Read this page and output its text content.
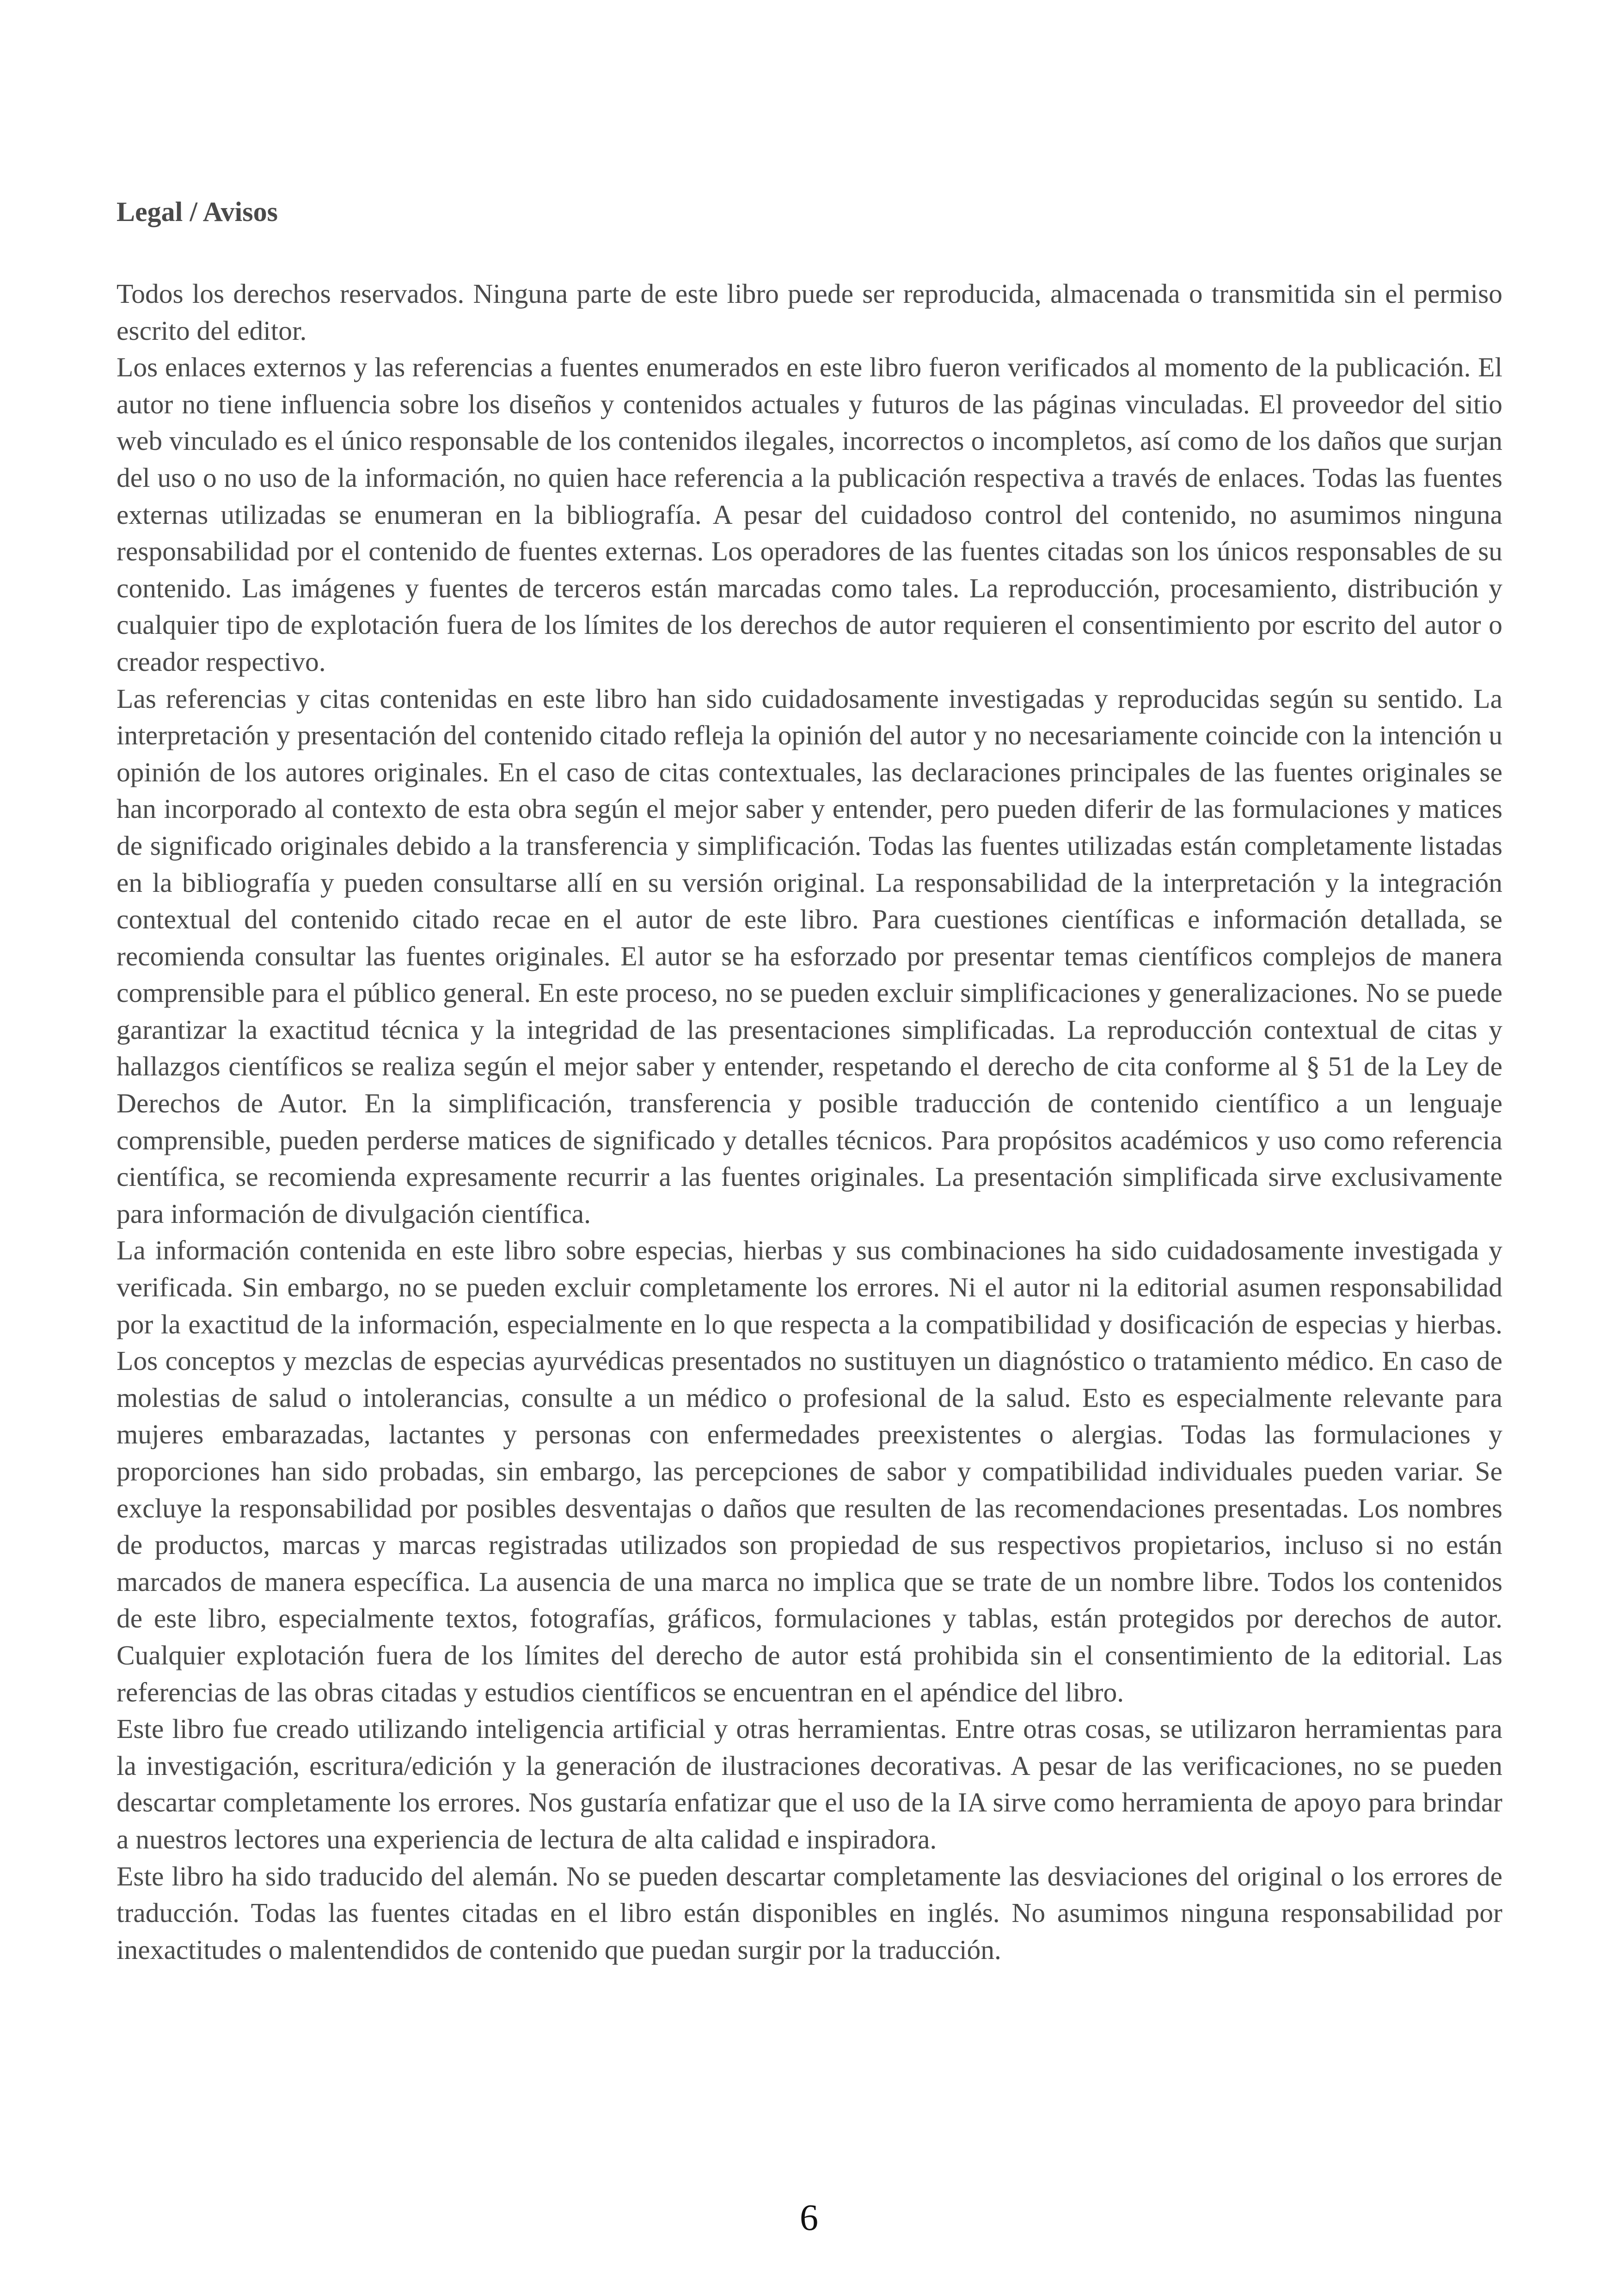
Legal / Avisos

Todos los derechos reservados. Ninguna parte de este libro puede ser reproducida, almacenada o transmitida sin el permiso escrito del editor.

Los enlaces externos y las referencias a fuentes enumerados en este libro fueron verificados al momento de la publicación. El autor no tiene influencia sobre los diseños y contenidos actuales y futuros de las páginas vinculadas. El proveedor del sitio web vinculado es el único responsable de los contenidos ilegales, incorrectos o incompletos, así como de los daños que surjan del uso o no uso de la información, no quien hace referencia a la publicación respectiva a través de enlaces. Todas las fuentes externas utilizadas se enumeran en la bibliografía. A pesar del cuidadoso control del contenido, no asumimos ninguna responsabilidad por el contenido de fuentes externas. Los operadores de las fuentes citadas son los únicos responsables de su contenido. Las imágenes y fuentes de terceros están marcadas como tales. La reproducción, procesamiento, distribución y cualquier tipo de explotación fuera de los límites de los derechos de autor requieren el consentimiento por escrito del autor o creador respectivo.

Las referencias y citas contenidas en este libro han sido cuidadosamente investigadas y reproducidas según su sentido. La interpretación y presentación del contenido citado refleja la opinión del autor y no necesariamente coincide con la intención u opinión de los autores originales. En el caso de citas contextuales, las declaraciones principales de las fuentes originales se han incorporado al contexto de esta obra según el mejor saber y entender, pero pueden diferir de las formulaciones y matices de significado originales debido a la transferencia y simplificación. Todas las fuentes utilizadas están completamente listadas en la bibliografía y pueden consultarse allí en su versión original. La responsabilidad de la interpretación y la integración contextual del contenido citado recae en el autor de este libro. Para cuestiones científicas e información detallada, se recomienda consultar las fuentes originales. El autor se ha esforzado por presentar temas científicos complejos de manera comprensible para el público general. En este proceso, no se pueden excluir simplificaciones y generalizaciones. No se puede garantizar la exactitud técnica y la integridad de las presentaciones simplificadas. La reproducción contextual de citas y hallazgos científicos se realiza según el mejor saber y entender, respetando el derecho de cita conforme al § 51 de la Ley de Derechos de Autor. En la simplificación, transferencia y posible traducción de contenido científico a un lenguaje comprensible, pueden perderse matices de significado y detalles técnicos. Para propósitos académicos y uso como referencia científica, se recomienda expresamente recurrir a las fuentes originales. La presentación simplificada sirve exclusivamente para información de divulgación científica.

La información contenida en este libro sobre especias, hierbas y sus combinaciones ha sido cuidadosamente investigada y verificada. Sin embargo, no se pueden excluir completamente los errores. Ni el autor ni la editorial asumen responsabilidad por la exactitud de la información, especialmente en lo que respecta a la compatibilidad y dosificación de especias y hierbas. Los conceptos y mezclas de especias ayurvédicas presentados no sustituyen un diagnóstico o tratamiento médico. En caso de molestias de salud o intolerancias, consulte a un médico o profesional de la salud. Esto es especialmente relevante para mujeres embarazadas, lactantes y personas con enfermedades preexistentes o alergias. Todas las formulaciones y proporciones han sido probadas, sin embargo, las percepciones de sabor y compatibilidad individuales pueden variar. Se excluye la responsabilidad por posibles desventajas o daños que resulten de las recomendaciones presentadas. Los nombres de productos, marcas y marcas registradas utilizados son propiedad de sus respectivos propietarios, incluso si no están marcados de manera específica. La ausencia de una marca no implica que se trate de un nombre libre. Todos los contenidos de este libro, especialmente textos, fotografías, gráficos, formulaciones y tablas, están protegidos por derechos de autor. Cualquier explotación fuera de los límites del derecho de autor está prohibida sin el consentimiento de la editorial. Las referencias de las obras citadas y estudios científicos se encuentran en el apéndice del libro.

Este libro fue creado utilizando inteligencia artificial y otras herramientas. Entre otras cosas, se utilizaron herramientas para la investigación, escritura/edición y la generación de ilustraciones decorativas. A pesar de las verificaciones, no se pueden descartar completamente los errores. Nos gustaría enfatizar que el uso de la IA sirve como herramienta de apoyo para brindar a nuestros lectores una experiencia de lectura de alta calidad e inspiradora.

Este libro ha sido traducido del alemán. No se pueden descartar completamente las desviaciones del original o los errores de traducción. Todas las fuentes citadas en el libro están disponibles en inglés. No asumimos ninguna responsabilidad por inexactitudes o malentendidos de contenido que puedan surgir por la traducción.

6
